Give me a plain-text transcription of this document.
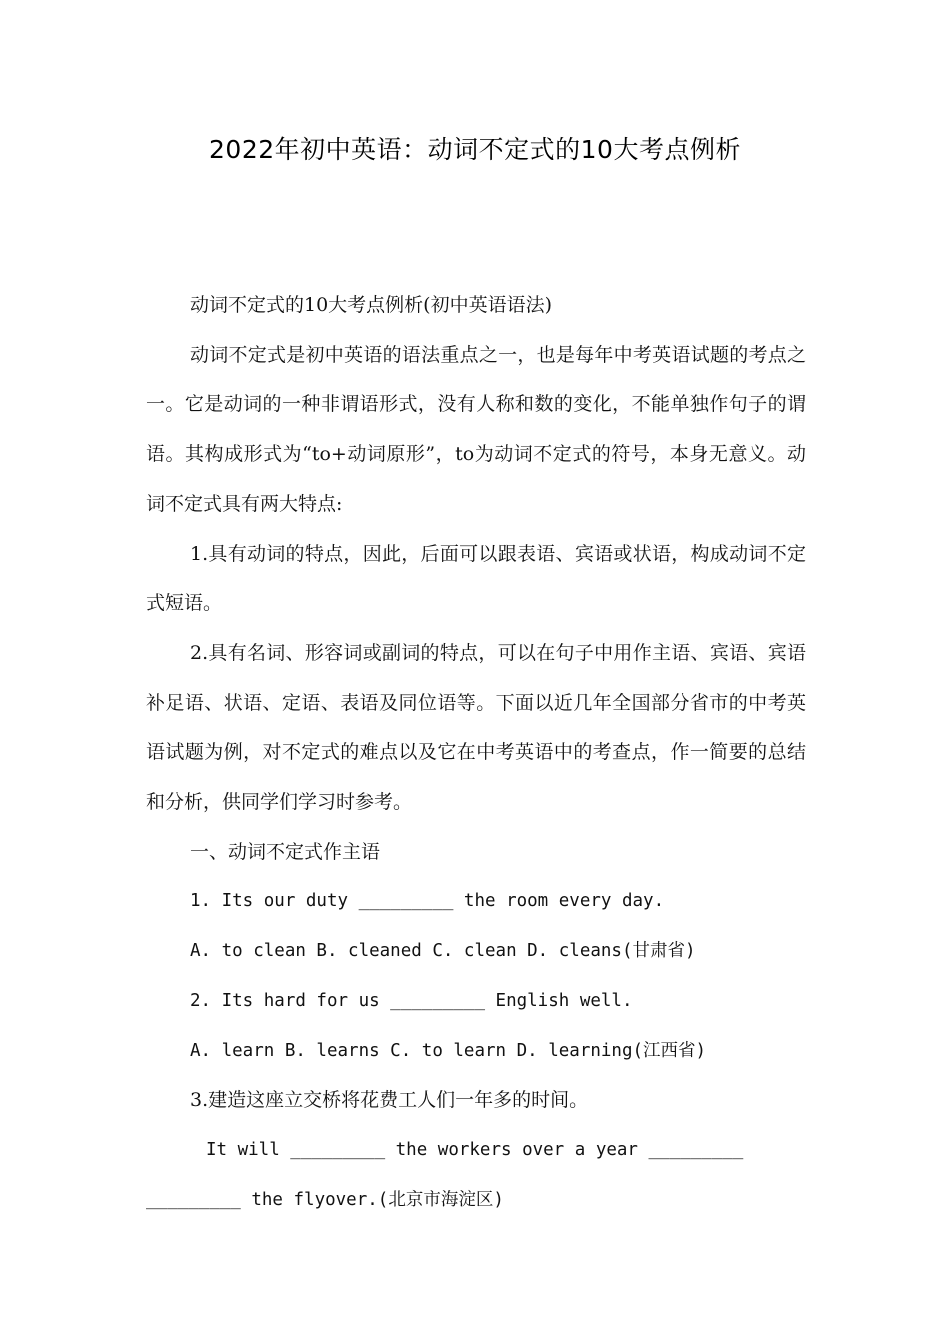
2022年初中英语：动词不定式的10大考点例析

动词不定式的10大考点例析(初中英语语法)

动词不定式是初中英语的语法重点之一，也是每年中考英语试题的考点之一。它是动词的一种非谓语形式，没有人称和数的变化，不能单独作句子的谓语。其构成形式为“to+动词原形”，to为动词不定式的符号，本身无意义。动词不定式具有两大特点:

1.具有动词的特点，因此，后面可以跟表语、宾语或状语，构成动词不定式短语。

2.具有名词、形容词或副词的特点，可以在句子中用作主语、宾语、宾语补足语、状语、定语、表语及同位语等。下面以近几年全国部分省市的中考英语试题为例，对不定式的难点以及它在中考英语中的考查点，作一简要的总结和分析，供同学们学习时参考。

一、动词不定式作主语

1. Its our duty _________ the room every day.

A. to clean B. cleaned C. clean D. cleans(甘肃省)

2. Its hard for us _________ English well.

A. learn B. learns C. to learn D. learning(江西省)

3.建造这座立交桥将花费工人们一年多的时间。

It will _________ the workers over a year _________

_________ the flyover.(北京市海淀区)
